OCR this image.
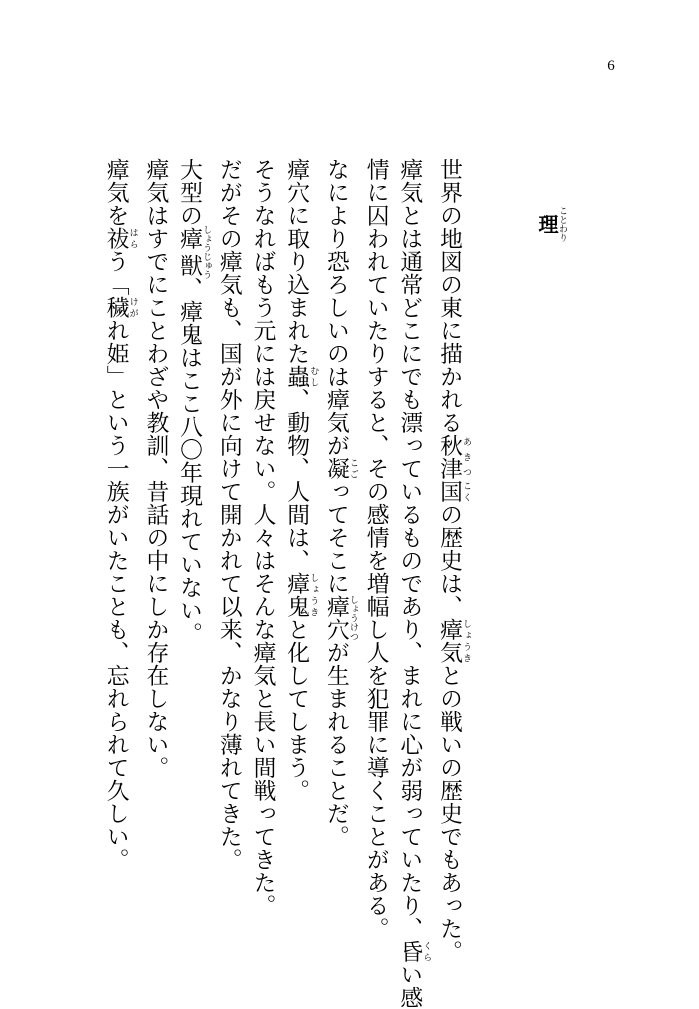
6
理ことわり
世界の地図の東に描かれる秋津 あきつ国 こくの歴史は、瘴気 しょうきとの戦いの歴史でもあった。
瘴気とは通常どこにでも漂っているものであり、まれに心が弱っていたり、昏 くらい感
情に囚われていたりすると、その感情を増幅し人を犯罪に導くことがある。
なにより恐ろしいのは瘴気が凝 こごってそこに瘴穴 しょうけつが生まれることだ。
瘴穴に取り込まれた蟲 むし、動物、人間は、瘴鬼 しょうきと化してしまう。
そうなればもう元には戻せない。人々はそんな瘴気と長い間戦ってきた。
だがその瘴気も、国が外に向けて開かれて以来、かなり薄れてきた。
大型の瘴獣 しょうじゅう、瘴鬼はここ八〇年現れていない。
瘴気はすでにことわざや教訓、昔話の中にしか存在しない。
瘴気を祓 はらう「穢 けがれ姫」という一族がいたことも、忘れられて久しい。
